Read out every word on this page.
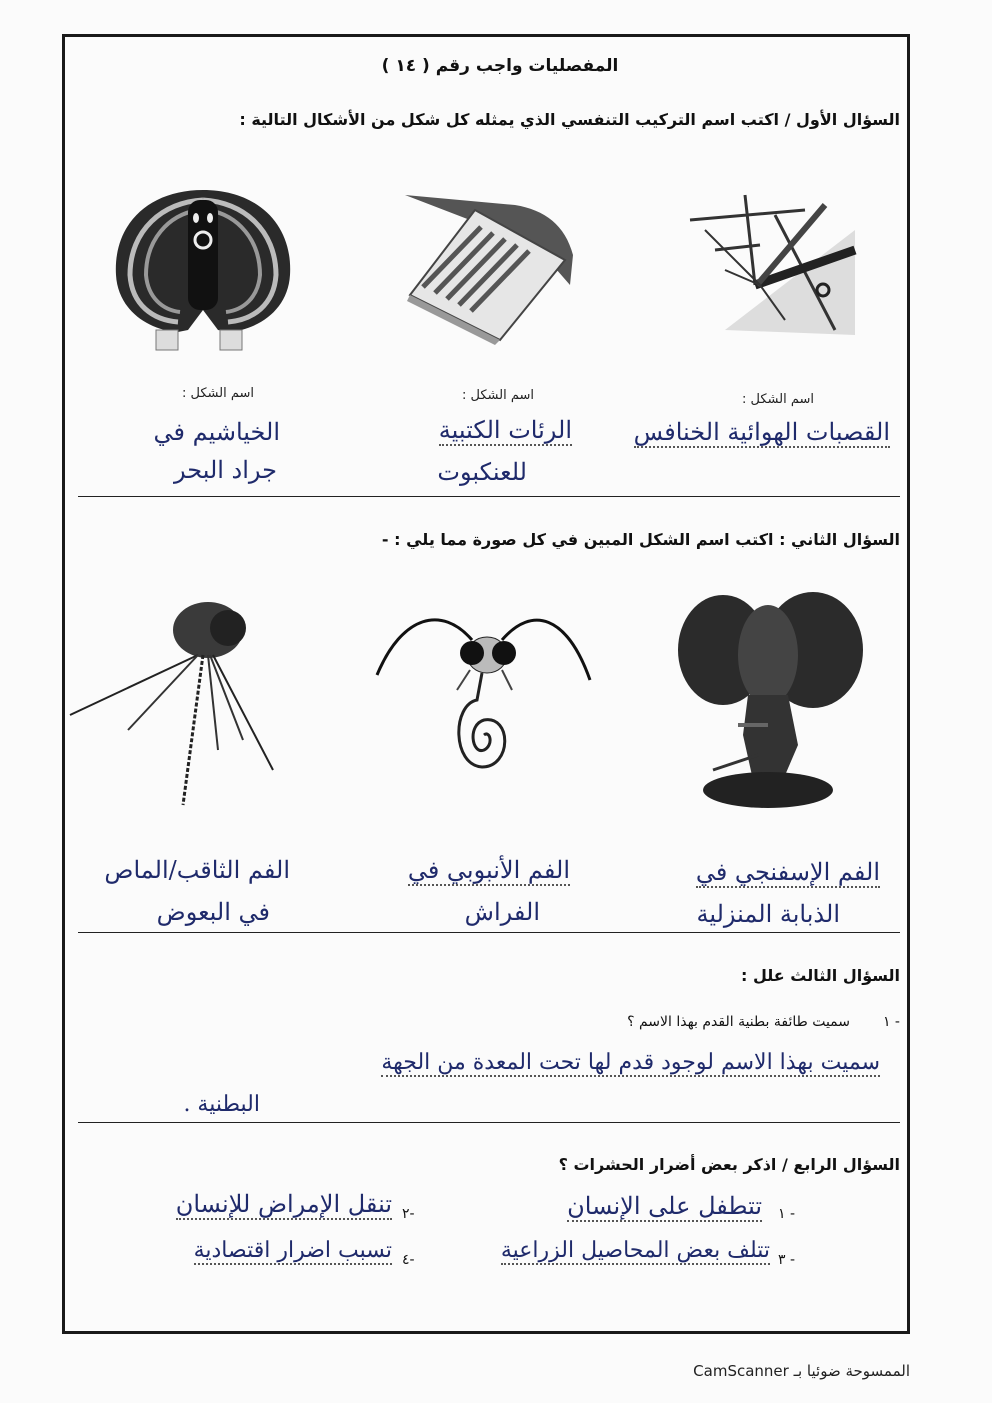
المفصليات واجب رقم ( ١٤ )
السؤال الأول / اكتب اسم التركيب التنفسي الذي يمثله كل شكل من الأشكال التالية :
اسم الشكل :
القصبات الهوائية الخنافس
اسم الشكل :
الرئات الكتبية
للعنكبوت
اسم الشكل :
الخياشيم في
جراد البحر
السؤال الثاني : اكتب اسم الشكل المبين في كل صورة مما يلي : -
الفم الإسفنجي في
الذبابة المنزلية
الفم الأنبوبي في
الفراش
الفم الثاقب/الماص
في البعوض
السؤال الثالث علل :
١ -
سميت طائفة بطنية القدم بهذا الاسم ؟
سميت بهذا الاسم لوجود قدم لها تحت المعدة من الجهة
البطنية .
السؤال الرابع / اذكر بعض أضرار الحشرات ؟
١ -
تتطفل على الإنسان
٢-
تنقل الإمراض للإنسان
٣ -
تتلف بعض المحاصيل الزراعية
٤-
تسبب اضرار اقتصادية
الممسوحة ضوئيا بـ CamScanner
